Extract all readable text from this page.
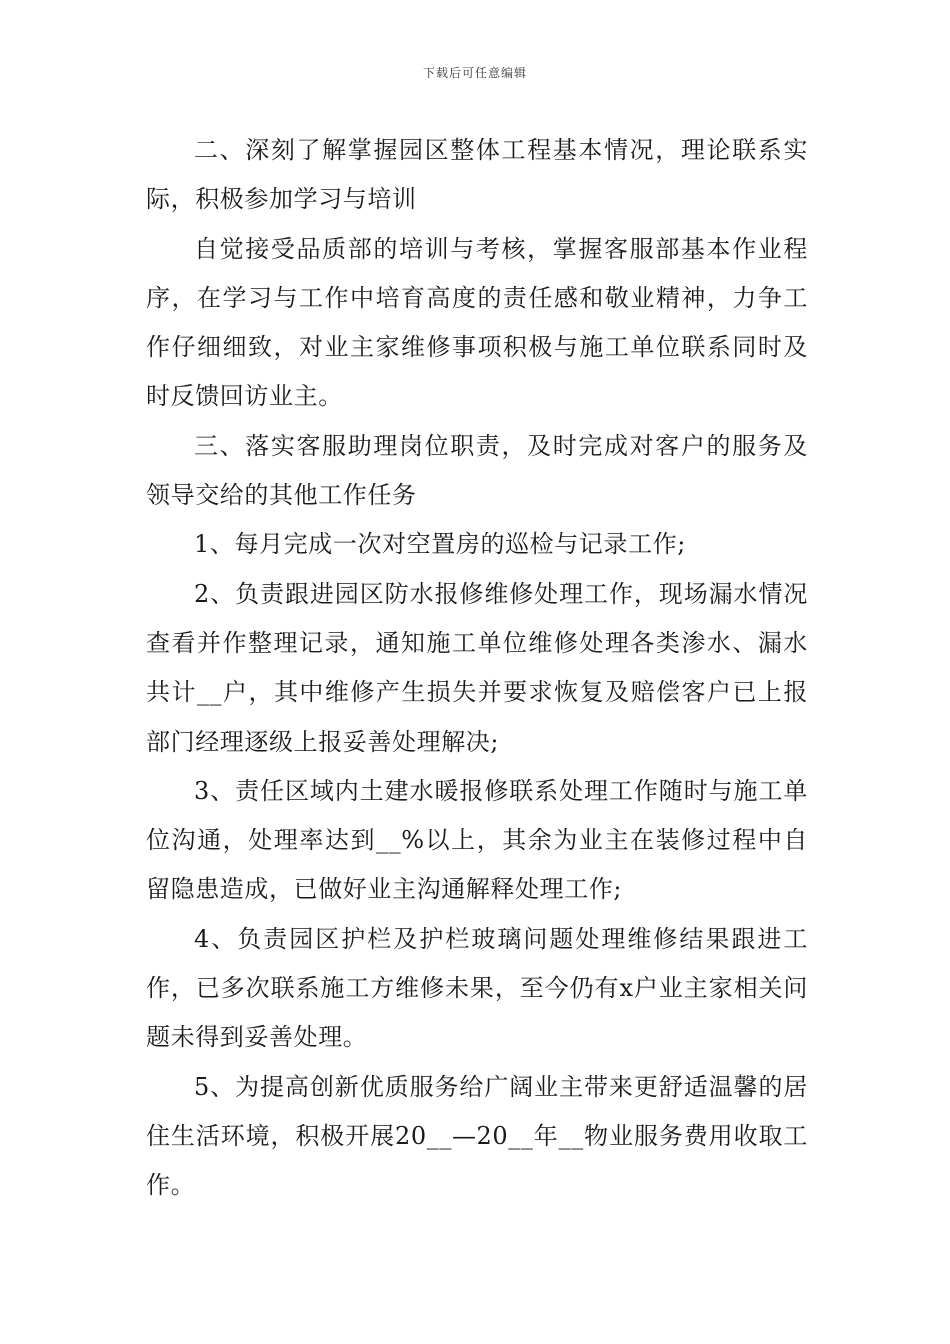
下载后可任意编辑

二、深刻了解掌握园区整体工程基本情况，理论联系实际，积极参加学习与培训

自觉接受品质部的培训与考核，掌握客服部基本作业程序，在学习与工作中培育高度的责任感和敬业精神，力争工作仔细细致，对业主家维修事项积极与施工单位联系同时及时反馈回访业主。

三、落实客服助理岗位职责，及时完成对客户的服务及领导交给的其他工作任务

1、每月完成一次对空置房的巡检与记录工作;

2、负责跟进园区防水报修维修处理工作，现场漏水情况查看并作整理记录，通知施工单位维修处理各类渗水、漏水共计__户，其中维修产生损失并要求恢复及赔偿客户已上报部门经理逐级上报妥善处理解决;

3、责任区域内土建水暖报修联系处理工作随时与施工单位沟通，处理率达到__%以上，其余为业主在装修过程中自留隐患造成，已做好业主沟通解释处理工作;

4、负责园区护栏及护栏玻璃问题处理维修结果跟进工作，已多次联系施工方维修未果，至今仍有x户业主家相关问题未得到妥善处理。

5、为提高创新优质服务给广阔业主带来更舒适温馨的居住生活环境，积极开展20__—20__年__物业服务费用收取工作。
